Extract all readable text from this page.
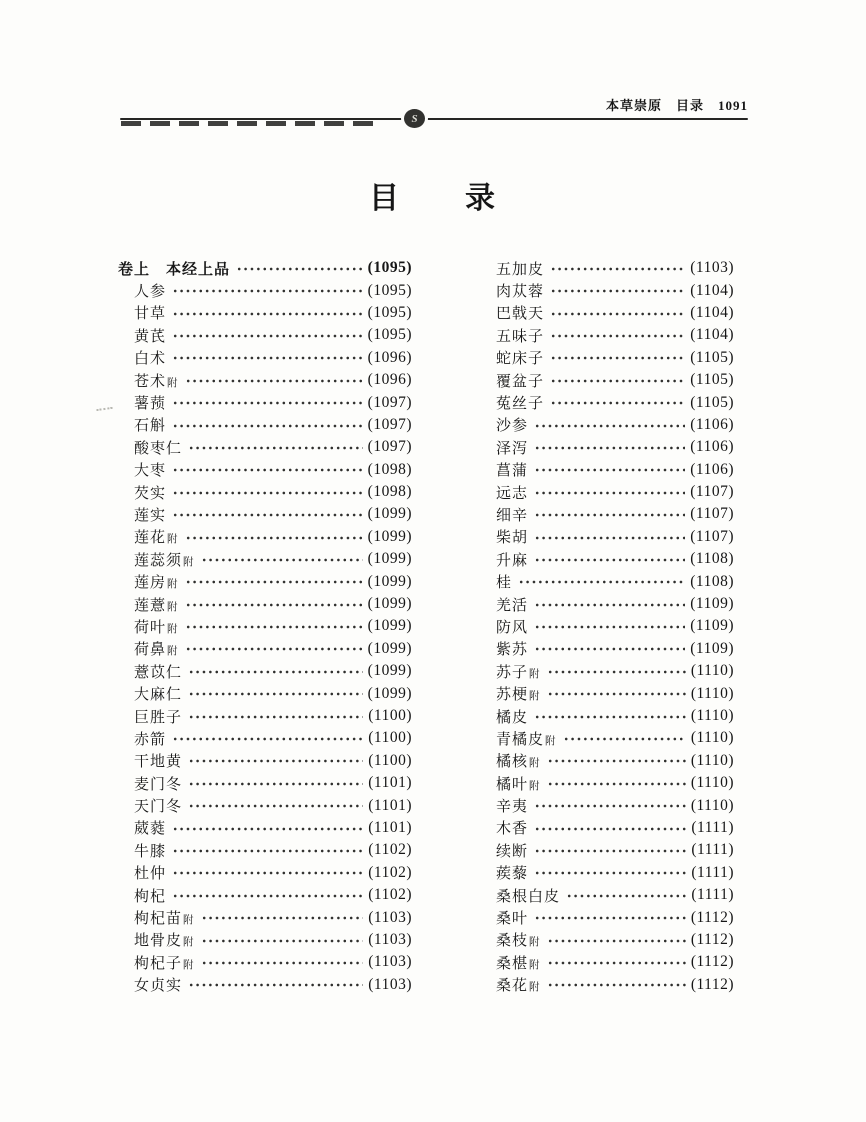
本草崇原 目录 1091
S
目　　录
卷上　本经上品	(1095)
人参	(1095)
甘草	(1095)
黄芪	(1095)
白术	(1096)
苍术附	(1096)
薯蓣	(1097)
石斛	(1097)
酸枣仁	(1097)
大枣	(1098)
芡实	(1098)
莲实	(1099)
莲花附	(1099)
莲蕊须附	(1099)
莲房附	(1099)
莲薏附	(1099)
荷叶附	(1099)
荷鼻附	(1099)
薏苡仁	(1099)
大麻仁	(1099)
巨胜子	(1100)
赤箭	(1100)
干地黄	(1100)
麦门冬	(1101)
天门冬	(1101)
葳蕤	(1101)
牛膝	(1102)
杜仲	(1102)
枸杞	(1102)
枸杞苗附	(1103)
地骨皮附	(1103)
枸杞子附	(1103)
女贞实	(1103)
五加皮	(1103)
肉苁蓉	(1104)
巴戟天	(1104)
五味子	(1104)
蛇床子	(1105)
覆盆子	(1105)
菟丝子	(1105)
沙参	(1106)
泽泻	(1106)
菖蒲	(1106)
远志	(1107)
细辛	(1107)
柴胡	(1107)
升麻	(1108)
桂	(1108)
羌活	(1109)
防风	(1109)
紫苏	(1109)
苏子附	(1110)
苏梗附	(1110)
橘皮	(1110)
青橘皮附	(1110)
橘核附	(1110)
橘叶附	(1110)
辛夷	(1110)
木香	(1111)
续断	(1111)
蒺藜	(1111)
桑根白皮	(1111)
桑叶	(1112)
桑枝附	(1112)
桑椹附	(1112)
桑花附	(1112)
